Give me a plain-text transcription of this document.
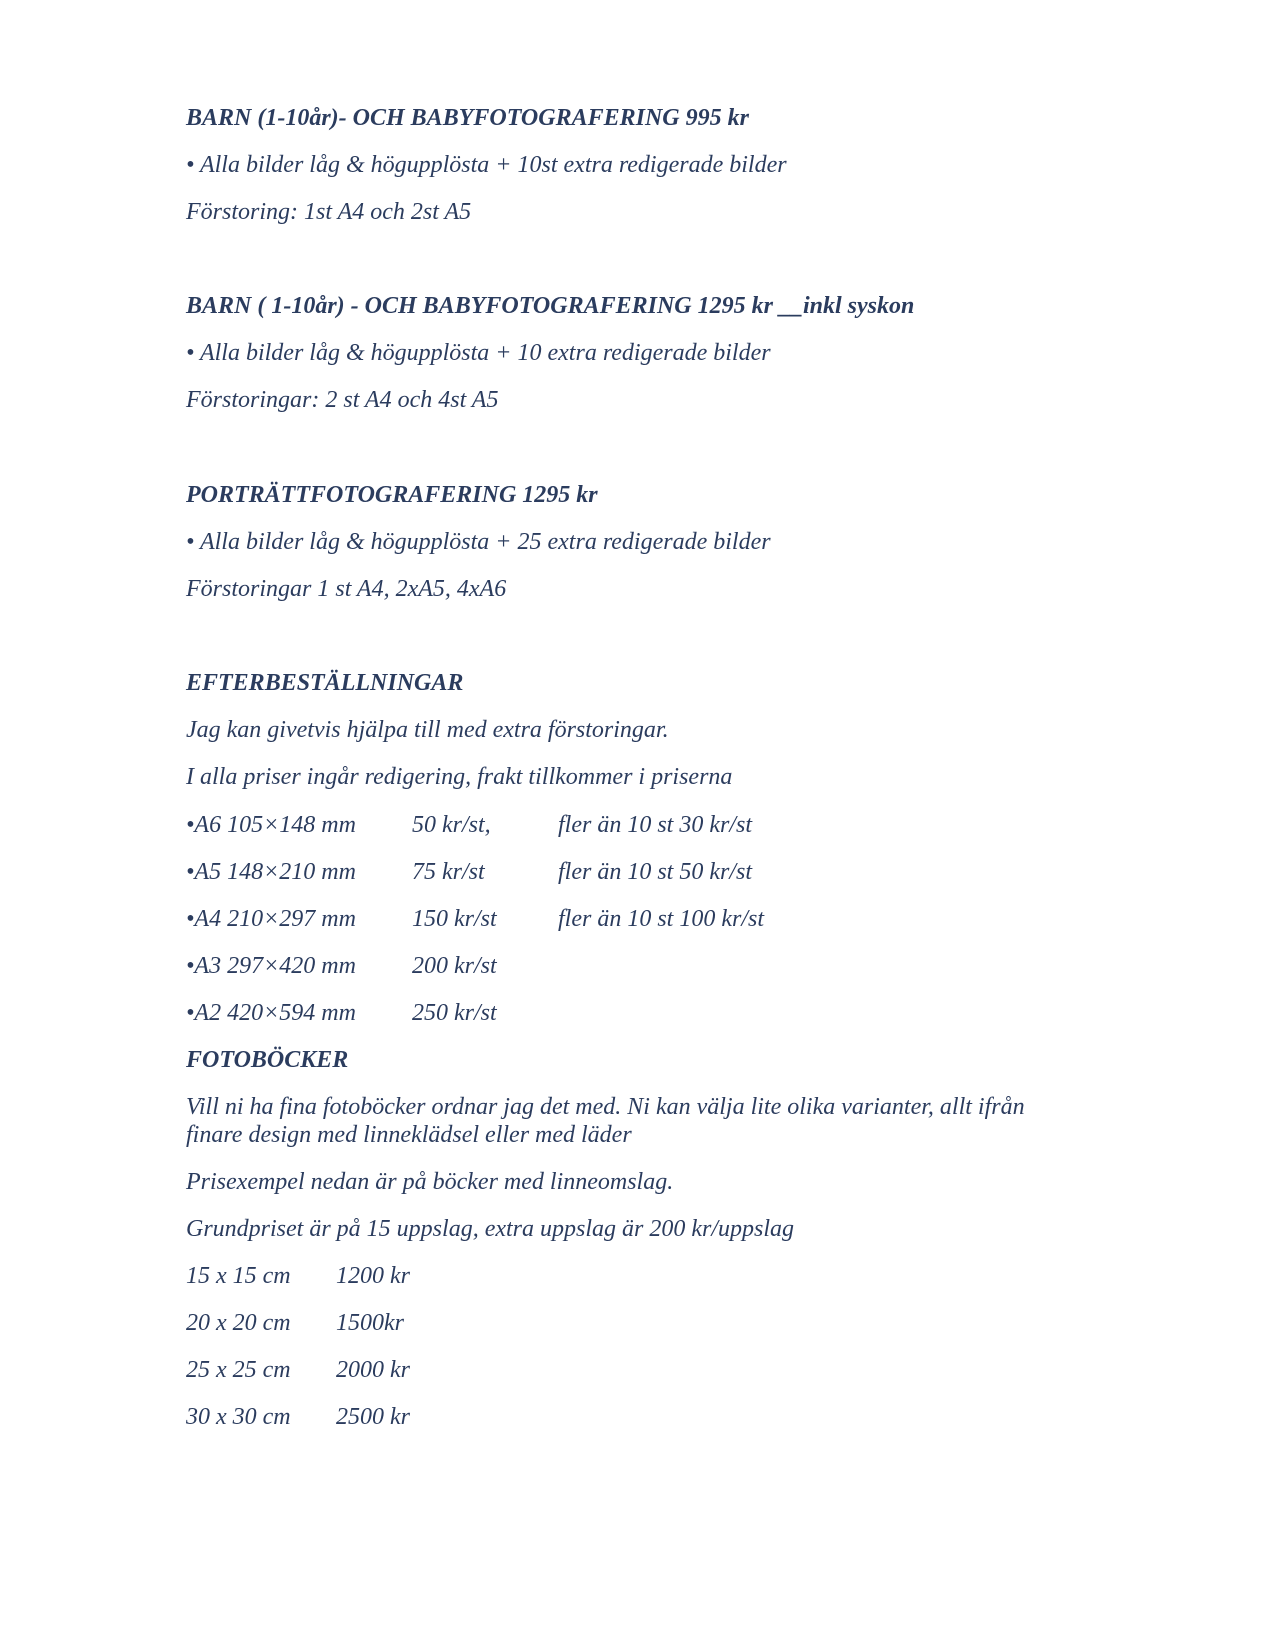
BARN (1-10år)- OCH BABYFOTOGRAFERING 995 kr
• Alla bilder låg & högupplösta + 10st extra redigerade bilder
Förstoring: 1st A4 och 2st A5
BARN ( 1-10år) - OCH BABYFOTOGRAFERING 1295 kr __inkl syskon
• Alla bilder låg & högupplösta + 10 extra redigerade bilder
Förstoringar: 2 st A4 och 4st A5
PORTRÄTTFOTOGRAFERING 1295 kr
• Alla bilder låg & högupplösta + 25 extra redigerade bilder
Förstoringar 1 st A4, 2xA5, 4xA6
EFTERBESTÄLLNINGAR
Jag kan givetvis hjälpa till med extra förstoringar.
I alla priser ingår redigering, frakt tillkommer i priserna
•A6 105×148 mm 50 kr/st,	fler än 10 st 30 kr/st
•A5 148×210 mm 75 kr/st	fler än 10 st 50 kr/st
•A4 210×297 mm 150 kr/st	fler än 10 st 100 kr/st
•A3 297×420 mm 200 kr/st
•A2 420×594 mm 250 kr/st
FOTOBÖCKER
Vill ni ha fina fotoböcker ordnar jag det med. Ni kan välja lite olika varianter, allt ifrån finare design med linneklädsel eller med läder
Prisexempel nedan är på böcker med linneomslag.
Grundpriset är på 15 uppslag, extra uppslag är 200 kr/uppslag
15 x 15 cm 1200 kr
20 x 20 cm 1500kr
25 x 25 cm 2000 kr
30 x 30 cm 2500 kr
